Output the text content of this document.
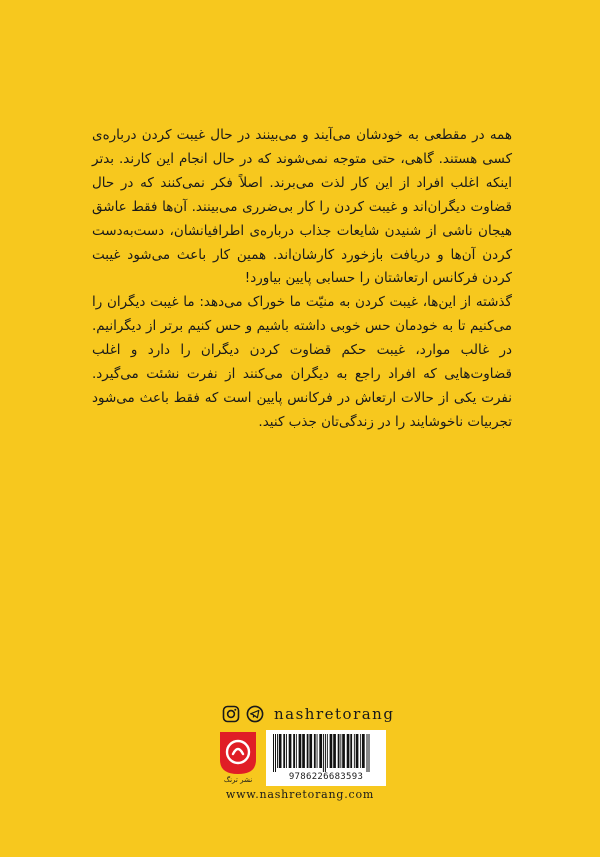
همه در مقطعی به خودشان می‌آیند و می‌بینند در حال غیبت کردن درباره‌ی کسی هستند. گاهی، حتی متوجه نمی‌شوند که در حال انجام این کارند. بدتر اینکه اغلب افراد از این کار لذت می‌برند. اصلاً فکر نمی‌کنند که در حال قضاوت دیگران‌اند و غیبت کردن را کار بی‌ضرری می‌بینند. آن‌ها فقط عاشق هیجان ناشی از شنیدن شایعات جذاب درباره‌ی اطرافیانشان، دست‌به‌دست کردن آن‌ها و دریافت بازخورد کارشان‌اند. همین کار باعث می‌شود غیبت کردن فرکانس ارتعاشتان را حسابی پایین بیاورد!

گذشته از این‌ها، غیبت کردن به منیّت ما خوراک می‌دهد: ما غیبت دیگران را می‌کنیم تا به خودمان حس خوبی داشته باشیم و حس کنیم برتر از دیگرانیم. در غالب موارد، غیبت حکم قضاوت کردن دیگران را دارد و اغلب قضاوت‌هایی که افراد راجع به دیگران می‌کنند از نفرت نشئت می‌گیرد. نفرت یکی از حالات ارتعاش در فرکانس پایین است که فقط باعث می‌شود تجربیات ناخوشایند را در زندگی‌تان جذب کنید.

nashretorang
نشر ترنگ	9786226683593
www.nashretorang.com
